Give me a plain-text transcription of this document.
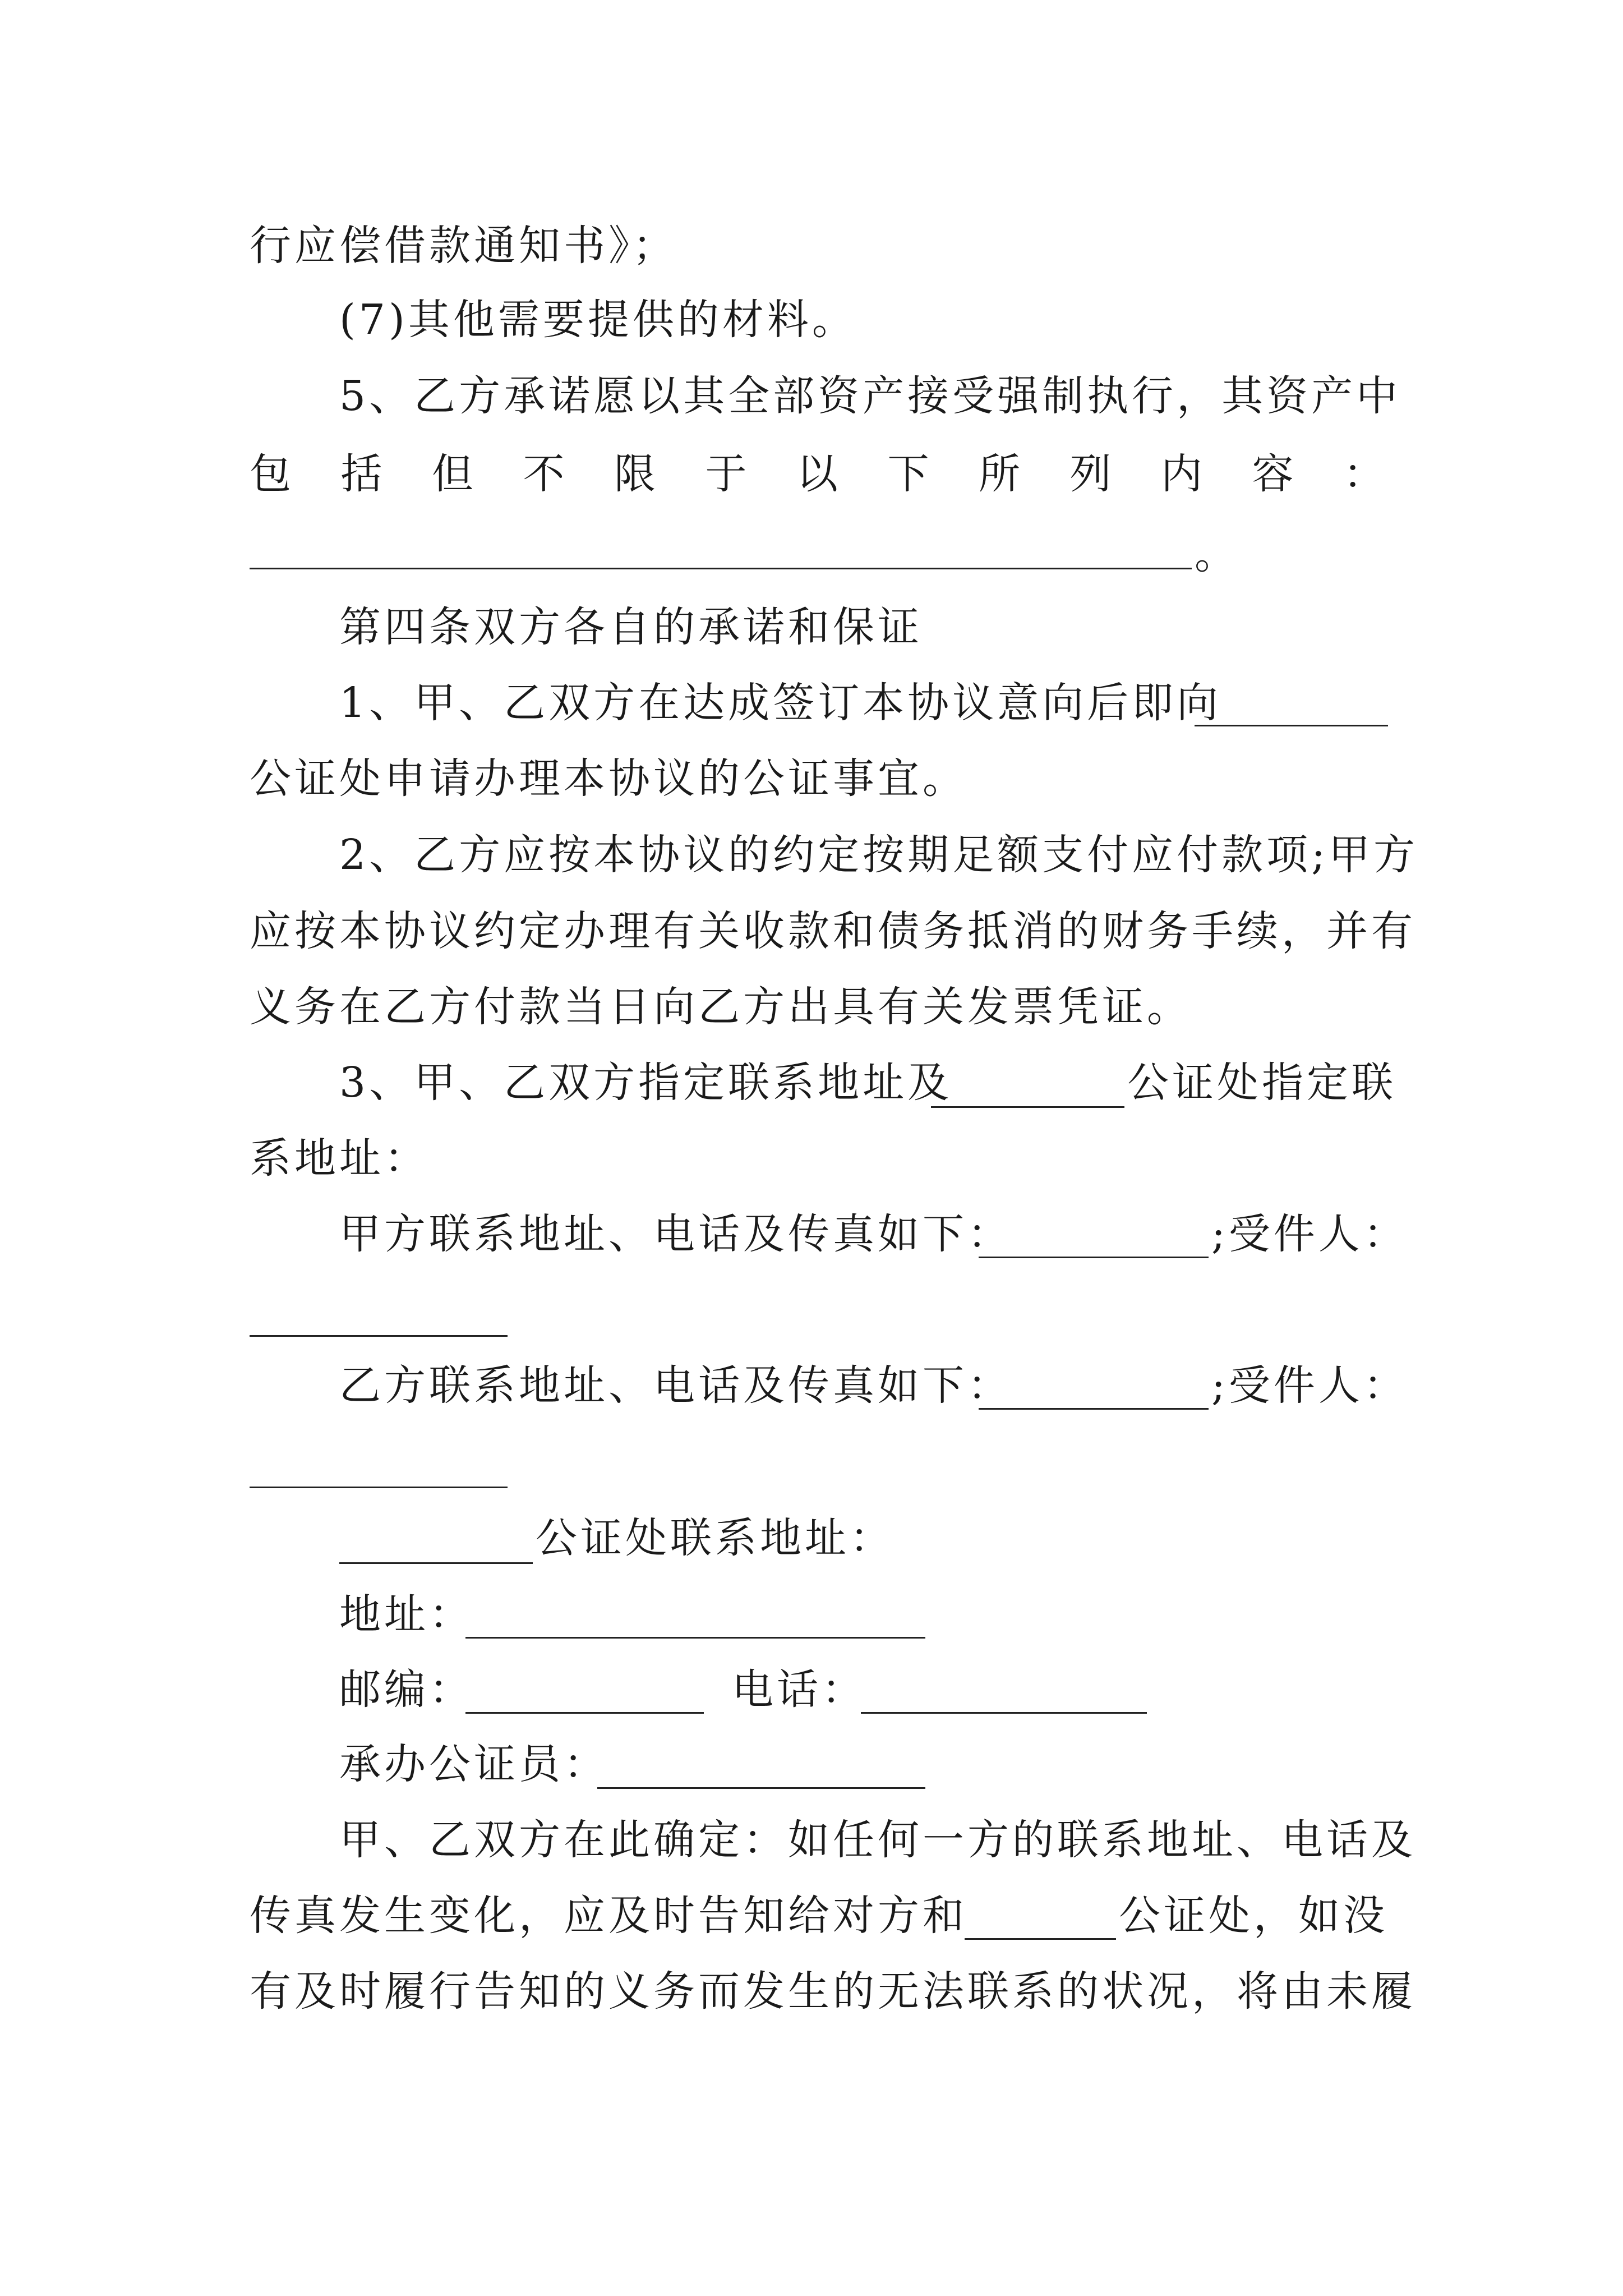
行应偿借款通知书》；
(7)其他需要提供的材料。
5、乙方承诺愿以其全部资产接受强制执行，其资产中
包 括 但 不 限 于 以 下 所 列 内 容 ：
。
第四条双方各自的承诺和保证
1、甲、乙双方在达成签订本协议意向后即向
公证处申请办理本协议的公证事宜。
2、乙方应按本协议的约定按期足额支付应付款项;甲方
应按本协议约定办理有关收款和债务抵消的财务手续，并有
义务在乙方付款当日向乙方出具有关发票凭证。
3、甲、乙双方指定联系地址及	公证处指定联
系地址：
甲方联系地址、电话及传真如下：	;受件人：
乙方联系地址、电话及传真如下：	;受件人：
公证处联系地址：
地址：
邮编：	电话：
承办公证员：
甲、乙双方在此确定：如任何一方的联系地址、电话及
传真发生变化，应及时告知给对方和	公证处，如没
有及时履行告知的义务而发生的无法联系的状况，将由未履
